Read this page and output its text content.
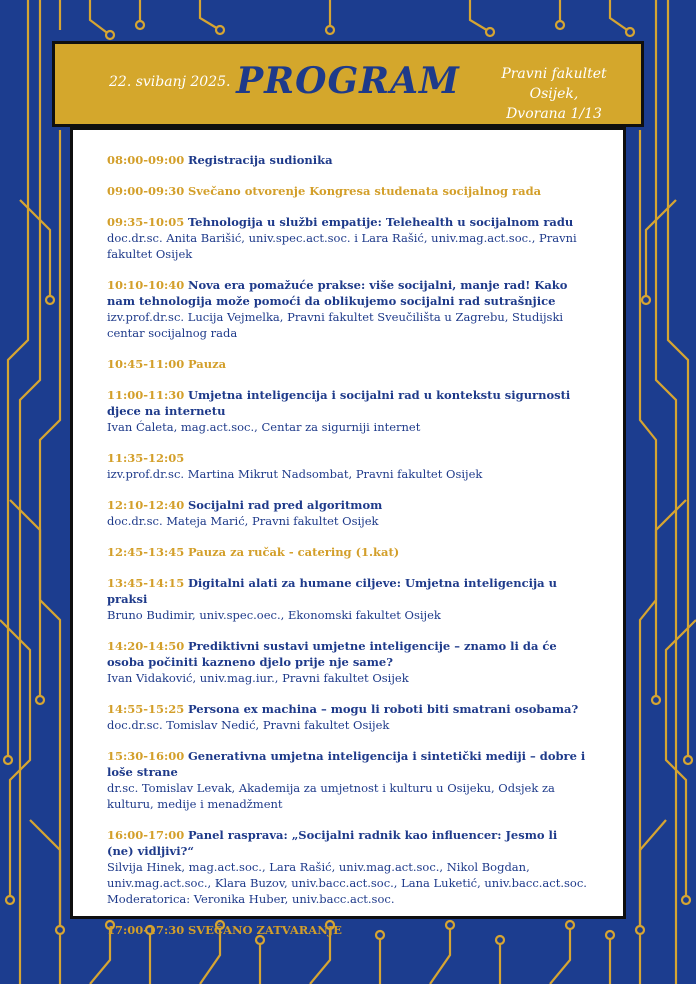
22. svibanj 2025. PROGRAM	Pravni fakultet Osijek,
Dvorana 1/13
08:00-09:00 Registracija sudionika
09:00-09:30 Svečano otvorenje Kongresa studenata socijalnog rada
09:35-10:05 Tehnologija u službi empatije: Telehealth u socijalnom radu
doc.dr.sc. Anita Barišić, univ.spec.act.soc. i Lara Rašić, univ.mag.act.soc., Pravni fakultet Osijek
10:10-10:40 Nova era pomažuće prakse: više socijalni, manje rad! Kako nam tehnologija može pomoći da oblikujemo socijalni rad sutrašnjice
izv.prof.dr.sc. Lucija Vejmelka, Pravni fakultet Sveučilišta u Zagrebu, Studijski centar socijalnog rada
10:45-11:00 Pauza
11:00-11:30 Umjetna inteligencija i socijalni rad u kontekstu sigurnosti djece na internetu
Ivan Ćaleta, mag.act.soc., Centar za sigurniji internet
11:35-12:05
izv.prof.dr.sc. Martina Mikrut Nadsombat, Pravni fakultet Osijek
12:10-12:40 Socijalni rad pred algoritmom
doc.dr.sc. Mateja Marić, Pravni fakultet Osijek
12:45-13:45 Pauza za ručak - catering (1.kat)
13:45-14:15 Digitalni alati za humane ciljeve: Umjetna inteligencija u praksi
Bruno Budimir, univ.spec.oec., Ekonomski fakultet Osijek
14:20-14:50 Prediktivni sustavi umjetne inteligencije – znamo li da će osoba počiniti kazneno djelo prije nje same?
Ivan Vidaković, univ.mag.iur., Pravni fakultet Osijek
14:55-15:25 Persona ex machina – mogu li roboti biti smatrani osobama?
doc.dr.sc. Tomislav Nedić, Pravni fakultet Osijek
15:30-16:00 Generativna umjetna inteligencija i sintetički mediji – dobre i loše strane
dr.sc. Tomislav Levak, Akademija za umjetnost i kulturu u Osijeku, Odsjek za kulturu, medije i menadžment
16:00-17:00 Panel rasprava: „Socijalni radnik kao influencer: Jesmo li (ne) vidljivi?“
Silvija Hinek, mag.act.soc., Lara Rašić, univ.mag.act.soc., Nikol Bogdan, univ.mag.act.soc., Klara Buzov, univ.bacc.act.soc., Lana Luketić, univ.bacc.act.soc.
Moderatorica: Veronika Huber, univ.bacc.act.soc.
17:00-17:30 SVEČANO ZATVARANJE
